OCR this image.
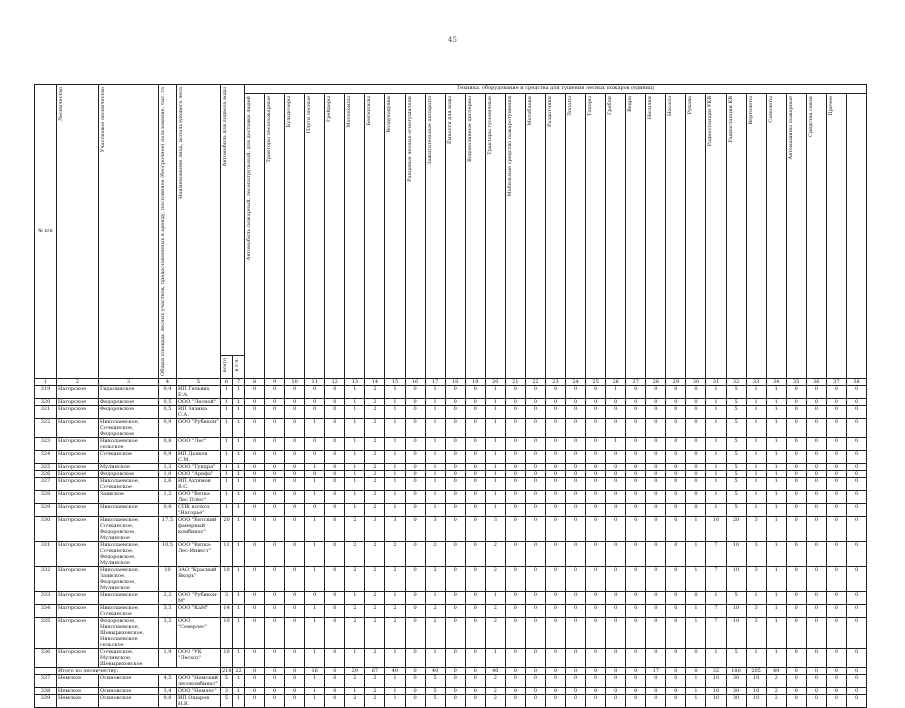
45
№ п/п	Лесничество	Участковое лесничество	Общая площадь лесных участков, предоставленных в аренду, постоянное (бессрочное) пользование, тыс. га	Наименование лица, использующего леса	Автомобиль для подвоза воды		Техника, оборудование и средства для тушения лесных пожаров (единиц)																														

							Автомобиль пожарный, лесопатрульный, для доставки людей	Тракторы лесопожарные	Бульдозеры	Плуги лесные	Грейдеры	Мотопомпы	Бензопилы	Воздуходувки	Ранцевые лесные огнетушители	Зажигательные аппараты	Ёмкости для воды	Водоналивные цистерны	Тракторы гусеничные	Мобильные средства пожаротушения	Мотоблоки	Раздатчики	Лопаты	Топоры	Грабли	Ведра	Носилки	Насосы	Рукава	Радиостанции УКВ	Радиостанции КВ	Вертолеты	Самолеты	Автомашины пожарные	Средства связи	Прочее	

					всего	в т.ч.																															

1	2	3	4	5	6	7	8	9	10	11	12	13	14	15	16	17	18	19	20	21	22	23	24	25	26	27	28	29	30	31	32	33	34	35	36	37	38
319	Нагорское	Гидалинское	0,4	ИП Гельвих Е.А.	1	1	0	0	0	0	0	1	2	1	0	1	0	0	1	0	0	0	0	0	1	0	0	0	0	1	5	1	1	0	0	0	0
320	Нагорское	Федоровское	0,5	ООО "Лесной"	1	1	0	0	0	0	0	1	2	1	0	1	0	0	1	0	0	0	0	0	0	0	0	0	0	1	5	1	1	0	0	0	0
321	Нагорское	Федоровское	0,5	ИП Зязина С.А.	1	1	0	0	0	0	0	1	2	1	0	1	0	0	1	0	0	0	0	0	0	0	0	0	0	1	5	1	1	0	0	0	0
322	Нагорское	Николаевское, Сочкинское, Федоровское	0,9	ООО "Рубикон"	1	1	0	0	0	1	0	1	2	1	0	1	0	0	1	0	0	0	0	0	0	0	0	0	0	1	5	1	1	0	0	0	0
323	Нагорское	Николаевское сельское	0,8	ООО "Лес"	1	1	0	0	0	0	0	1	2	1	0	1	0	0	1	0	0	0	0	0	1	0	0	0	0	1	5	1	1	0	0	0	0
324	Нагорское	Сочкинское	0,9	ИП Дьяков С.М.	1	1	0	0	0	0	0	1	2	1	0	1	0	0	1	0	0	0	0	0	0	0	0	0	0	1	5	1	1	0	0	0	0
325	Нагорское	Мулинское	1,3	ООО "Тундра"	1	1	0	0	0	1	0	1	2	1	0	1	0	0	1	0	0	0	0	0	0	0	0	0	0	1	5	1	1	0	0	0	0
326	Нагорское	Федоровское	1,0	ООО "Арефа"	1	1	0	0	0	0	0	1	2	1	0	1	0	0	1	0	0	0	0	0	0	0	0	0	0	1	5	1	1	0	0	0	0
327	Нагорское	Николаевское, Сочкинское	2,6	ИП Ахтямов В.С.	1	1	0	0	0	1	0	1	2	1	0	1	0	0	1	0	0	0	0	0	0	0	0	0	0	1	5	1	1	0	0	0	0
328	Нагорское	Заявское	1,2	ООО "Вятка Лес Плюс"	1	1	0	0	0	1	0	1	2	1	0	1	0	0	1	0	0	0	0	0	0	0	0	0	0	1	5	1	1	0	0	0	0
329	Нагорское	Николаевское	0,8	СПК колхоз "Нагорье"	1	1	0	0	0	0	0	1	2	1	0	1	0	0	1	0	0	0	0	0	0	0	0	0	0	1	5	1	1	0	0	0	0
330	Нагорское	Николаевское, Сочкинское, Федоровское, Мулинское	17,5	ООО "Вятский фанерный комбинат"	20	1	0	0	0	1	0	2	3	3	0	3	0	0	3	0	0	0	0	0	0	0	0	0	1	10	20	3	1	0	0	0	0
331	Нагорское	Николаевское, Сочкинское, Федоровское, Мулинское	10,5	ООО "Вятка-Лес-Инвест"	11	1	0	0	0	1	0	2	2	2	0	2	0	0	2	0	0	0	0	0	0	0	0	0	1	7	10	3	1	0	0	0	0
332	Нагорское	Николаевское, Заявское, Федоровское, Мулинское	10	ЗАО "Красный Якорь"	10	1	0	0	0	1	0	2	2	2	0	2	0	0	2	0	0	0	0	0	0	0	0	0	1	7	10	3	1	0	0	0	0
333	Нагорское	Николаевское	2,2	ООО "Рубикон-М"	3	1	0	0	0	0	0	1	2	1	0	1	0	0	1	0	0	0	0	0	0	0	0	0	0	1	5	1	1	0	0	0	0
334	Нагорское	Николаевское, Сочкинское	3,3	ООО "КаМ"	14	1	0	0	0	1	0	2	2	2	0	2	0	0	2	0	0	0	0	0	0	0	0	0	1	7	10	3	1	0	0	0	0
335	Нагорское	Федоровское, Николаевское, Шевыриховское, Николаевское сельское	3,2	ООО "Северлес"	10	1	0	0	0	1	0	2	2	2	0	2	0	0	2	0	0	0	0	0	0	0	0	0	1	7	10	3	1	0	0	0	0
336	Нагорское	Сочкинское, Мулинское, Шевыриховское	1,9	ООО "УК "Лесхоз"	10	1	0	0	0	1	0	1	2	1	0	1	0	0	1	0	0	0	0	0	0	0	0	0	0	1	5	1	1	0	0	0	0
	Итого по лесничеству:				218	22	0	0	0	16	0	29	67	40	0	40	0	0	40	0	0	0	0	0	0	0	17	0	0	32	180	205	49	0	0	0	0
337	Немское	Осиновское	4,5	ООО "Немский лесокомбинат"	5	1	0	0	0	1	0	2	2	1	0	5	0	0	2	0	0	0	0	0	0	0	0	0	1	10	30	10	2	0	0	0	0
338	Немское	Осиновское	3,4	ООО "Немлес"	3	1	0	0	0	1	0	1	2	1	0	5	0	0	2	0	0	0	0	0	0	0	0	0	1	10	30	10	2	0	0	0	0
339	Немское	Осиновское	9,8	ИП Ошаров Н.В.	5	1	0	0	0	1	0	2	2	1	0	5	0	0	2	0	0	0	0	0	0	0	0	0	1	10	30	10	2	0	0	0	0
